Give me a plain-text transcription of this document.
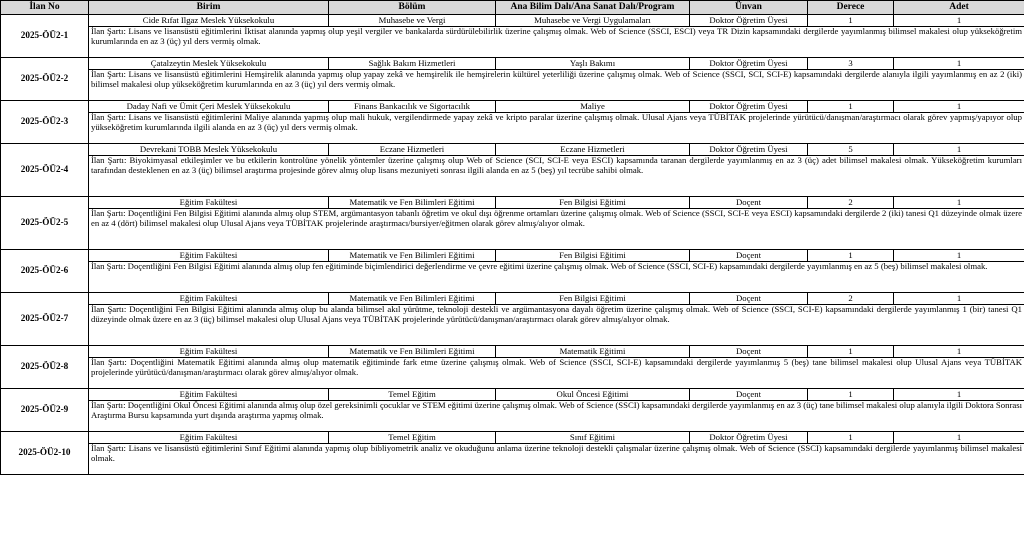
İlan No	Birim	Bölüm	Ana Bilim Dalı/Ana Sanat Dalı/Program	Ünvan	Derece	Adet
2025-ÖÜ2-1	Cide Rıfat Ilgaz Meslek Yüksekokulu	Muhasebe ve Vergi	Muhasebe ve Vergi Uygulamaları	Doktor Öğretim Üyesi	1	1
	İlan Şartı: Lisans ve lisansüstü eğitimlerini İktisat alanında yapmış olup yeşil vergiler ve bankalarda sürdürülebilirlik üzerine çalışmış olmak. Web of Science (SSCI, ESCI) veya TR Dizin kapsamındaki dergilerde yayımlanmış bilimsel makalesi olup yükseköğretim kurumlarında en az 3 (üç) yıl ders vermiş olmak.					
2025-ÖÜ2-2	Çatalzeytin Meslek Yüksekokulu	Sağlık Bakım Hizmetleri	Yaşlı Bakımı	Doktor Öğretim Üyesi	3	1
	İlan Şartı: Lisans ve lisansüstü eğitimlerini Hemşirelik alanında yapmış olup yapay zekâ ve hemşirelik ile hemşirelerin kültürel yeterliliği üzerine çalışmış olmak. Web of Science (SSCI, SCI, SCI-E) kapsamındaki dergilerde alanıyla ilgili yayımlanmış en az 2 (iki) bilimsel makalesi olup yükseköğretim kurumlarında en az 3 (üç) yıl ders vermiş olmak.					
2025-ÖÜ2-3	Daday Nafi ve Ümit Çeri Meslek Yüksekokulu	Finans Bankacılık ve Sigortacılık	Maliye	Doktor Öğretim Üyesi	1	1
	İlan Şartı: Lisans ve lisansüstü eğitimlerini Maliye alanında yapmış olup mali hukuk, vergilendirmede yapay zekâ ve kripto paralar üzerine çalışmış olmak. Ulusal Ajans veya TÜBİTAK projelerinde yürütücü/danışman/araştırmacı olarak görev yapmış/yapıyor olup yükseköğretim kurumlarında ilgili alanda en az 3 (üç) yıl ders vermiş olmak.					
2025-ÖÜ2-4	Devrekani TOBB Meslek Yüksekokulu	Eczane Hizmetleri	Eczane Hizmetleri	Doktor Öğretim Üyesi	5	1
	İlan Şartı: Biyokimyasal etkileşimler ve bu etkilerin kontrolüne yönelik yöntemler üzerine çalışmış olup Web of Science (SCI, SCI-E veya ESCI) kapsamında taranan dergilerde yayımlanmış en az 3 (üç) adet bilimsel makalesi olmak. Yükseköğretim kurumları tarafından desteklenen en az 3 (üç) bilimsel araştırma projesinde görev almış olup lisans mezuniyeti sonrası ilgili alanda en az 5 (beş) yıl tecrübe sahibi olmak.					
2025-ÖÜ2-5	Eğitim Fakültesi	Matematik ve Fen Bilimleri Eğitimi	Fen Bilgisi Eğitimi	Doçent	2	1
	İlan Şartı: Doçentliğini Fen Bilgisi Eğitimi alanında almış olup STEM, argümantasyon tabanlı öğretim ve okul dışı öğrenme ortamları üzerine çalışmış olmak. Web of Science (SSCI, SCI-E veya ESCI) kapsamındaki dergilerde 2 (iki) tanesi Q1 düzeyinde olmak üzere en az 4 (dört) bilimsel makalesi olup Ulusal Ajans veya TÜBİTAK projelerinde araştırmacı/bursiyer/eğitmen olarak görev almış/alıyor olmak.					
2025-ÖÜ2-6	Eğitim Fakültesi	Matematik ve Fen Bilimleri Eğitimi	Fen Bilgisi Eğitimi	Doçent	1	1
	İlan Şartı: Doçentliğini Fen Bilgisi Eğitimi alanında almış olup fen eğitiminde biçimlendirici değerlendirme ve çevre eğitimi üzerine çalışmış olmak. Web of Science (SSCI, SCI-E) kapsamındaki dergilerde yayımlanmış en az 5 (beş) bilimsel makalesi olmak.					
2025-ÖÜ2-7	Eğitim Fakültesi	Matematik ve Fen Bilimleri Eğitimi	Fen Bilgisi Eğitimi	Doçent	2	1
	İlan Şartı: Doçentliğini Fen Bilgisi Eğitimi alanında almış olup bu alanda bilimsel akıl yürütme, teknoloji destekli ve argümantasyona dayalı öğretim üzerine çalışmış olmak. Web of Science (SSCI, SCI-E) kapsamındaki dergilerde yayımlanmış 1 (bir) tanesi Q1 düzeyinde olmak üzere en az 3 (üç) bilimsel makalesi olup Ulusal Ajans veya TÜBİTAK projelerinde yürütücü/danışman/araştırmacı olarak görev almış/alıyor olmak.					
2025-ÖÜ2-8	Eğitim Fakültesi	Matematik ve Fen Bilimleri Eğitimi	Matematik Eğitimi	Doçent	1	1
	İlan Şartı: Doçentliğini Matematik Eğitimi alanında almış olup matematik eğitiminde fark etme üzerine çalışmış olmak. Web of Science (SSCI, SCI-E) kapsamındaki dergilerde yayımlanmış 5 (beş) tane bilimsel makalesi olup Ulusal Ajans veya TÜBİTAK projelerinde yürütücü/danışman/araştırmacı olarak görev almış/alıyor olmak.					
2025-ÖÜ2-9	Eğitim Fakültesi	Temel Eğitim	Okul Öncesi Eğitimi	Doçent	1	1
	İlan Şartı: Doçentliğini Okul Öncesi Eğitimi alanında almış olup özel gereksinimli çocuklar ve STEM eğitimi üzerine çalışmış olmak. Web of Science (SSCI) kapsamındaki dergilerde yayımlanmış en az 3 (üç) tane bilimsel makalesi olup alanıyla ilgili Doktora Sonrası Araştırma Bursu kapsamında yurt dışında araştırma yapmış olmak.					
2025-ÖÜ2-10	Eğitim Fakültesi	Temel Eğitim	Sınıf Eğitimi	Doktor Öğretim Üyesi	1	1
	İlan Şartı: Lisans ve lisansüstü eğitimlerini Sınıf Eğitimi alanında yapmış olup bibliyometrik analiz ve okuduğunu anlama üzerine teknoloji destekli çalışmalar üzerine çalışmış olmak. Web of Science (SSCI) kapsamındaki dergilerde yayımlanmış bilimsel makalesi olmak.					
